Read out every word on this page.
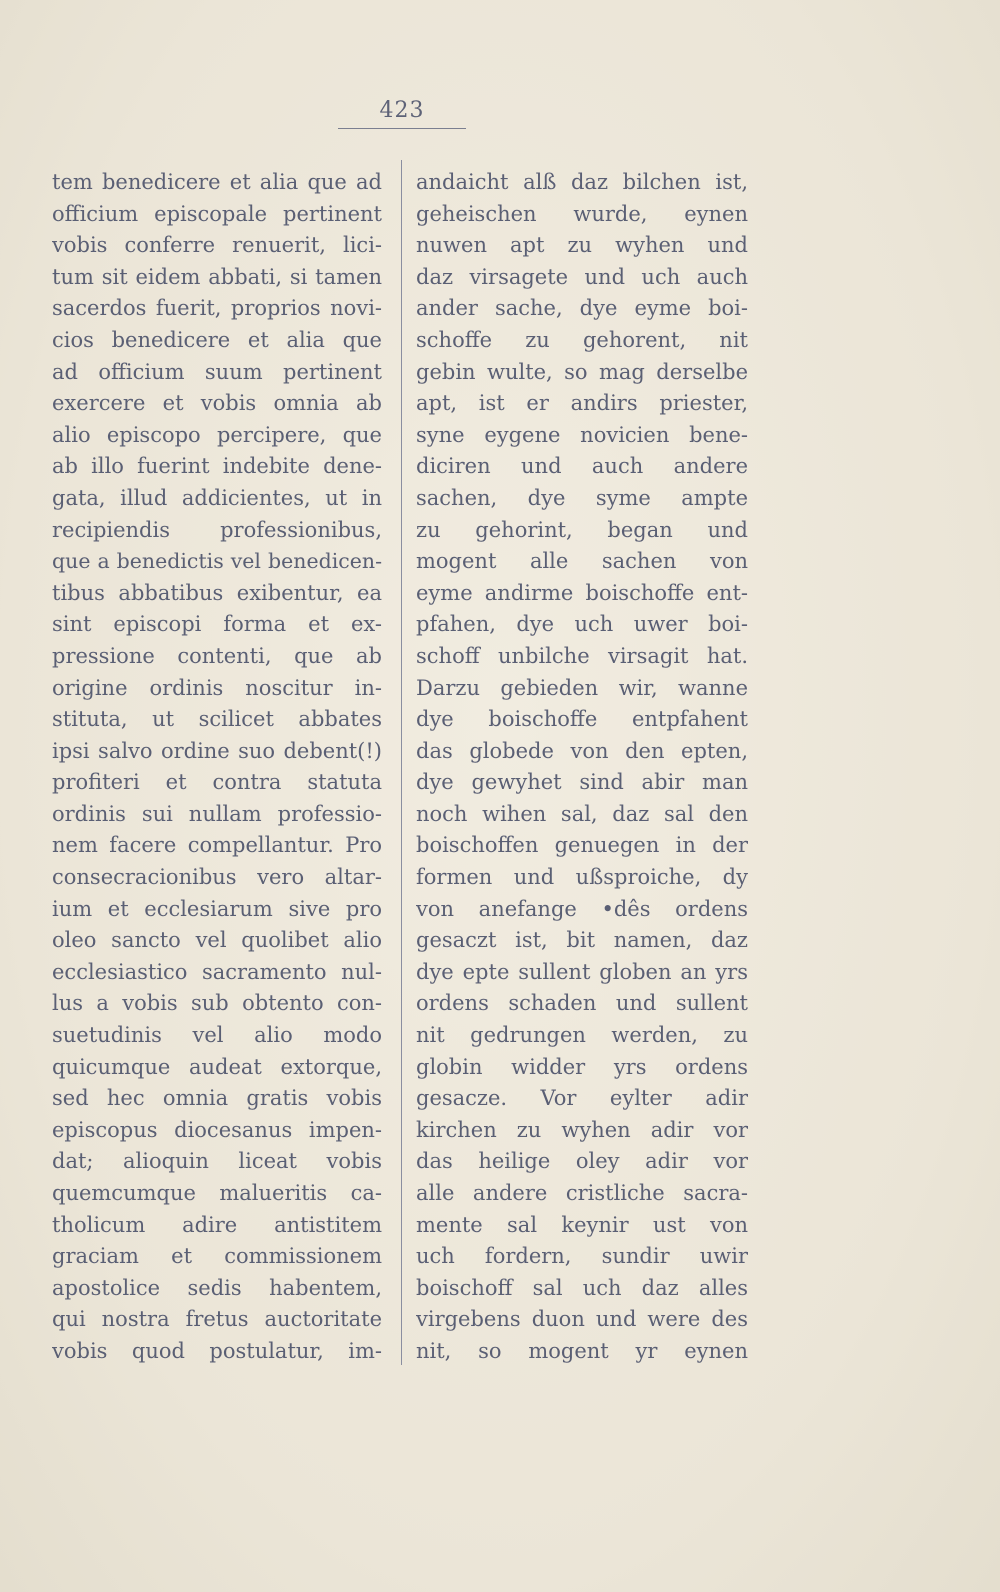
423
tem benedicere et alia que ad
officium episcopale pertinent
vobis conferre renuerit, lici-
tum sit eidem abbati, si tamen
sacerdos fuerit, proprios novi-
cios benedicere et alia que
ad officium suum pertinent
exercere et vobis omnia ab
alio episcopo percipere, que
ab illo fuerint indebite dene-
gata, illud addicientes, ut in
recipiendis professionibus,
que a benedictis vel benedicen-
tibus abbatibus exibentur, ea
sint episcopi forma et ex-
pressione contenti, que ab
origine ordinis noscitur in-
stituta, ut scilicet abbates
ipsi salvo ordine suo debent(!)
profiteri et contra statuta
ordinis sui nullam professio-
nem facere compellantur. Pro
consecracionibus vero altar-
ium et ecclesiarum sive pro
oleo sancto vel quolibet alio
ecclesiastico sacramento nul-
lus a vobis sub obtento con-
suetudinis vel alio modo
quicumque audeat extorque,
sed hec omnia gratis vobis
episcopus diocesanus impen-
dat; alioquin liceat vobis
quemcumque malueritis ca-
tholicum adire antistitem
graciam et commissionem
apostolice sedis habentem,
qui nostra fretus auctoritate
vobis quod postulatur, im-
andaicht alß daz bilchen ist,
geheischen wurde, eynen
nuwen apt zu wyhen und
daz virsagete und uch auch
ander sache, dye eyme boi-
schoffe zu gehorent, nit
gebin wulte, so mag derselbe
apt, ist er andirs priester,
syne eygene novicien bene-
diciren und auch andere
sachen, dye syme ampte
zu gehorint, began und
mogent alle sachen von
eyme andirme boischoffe ent-
pfahen, dye uch uwer boi-
schoff unbilche virsagit hat.
Darzu gebieden wir, wanne
dye boischoffe entpfahent
das globede von den epten,
dye gewyhet sind abir man
noch wihen sal, daz sal den
boischoffen genuegen in der
formen und ußsproiche, dy
von anefange •dês ordens
gesaczt ist, bit namen, daz
dye epte sullent globen an yrs
ordens schaden und sullent
nit gedrungen werden, zu
globin widder yrs ordens
gesacze. Vor eylter adir
kirchen zu wyhen adir vor
das heilige oley adir vor
alle andere cristliche sacra-
mente sal keynir ust von
uch fordern, sundir uwir
boischoff sal uch daz alles
virgebens duon und were des
nit, so mogent yr eynen
